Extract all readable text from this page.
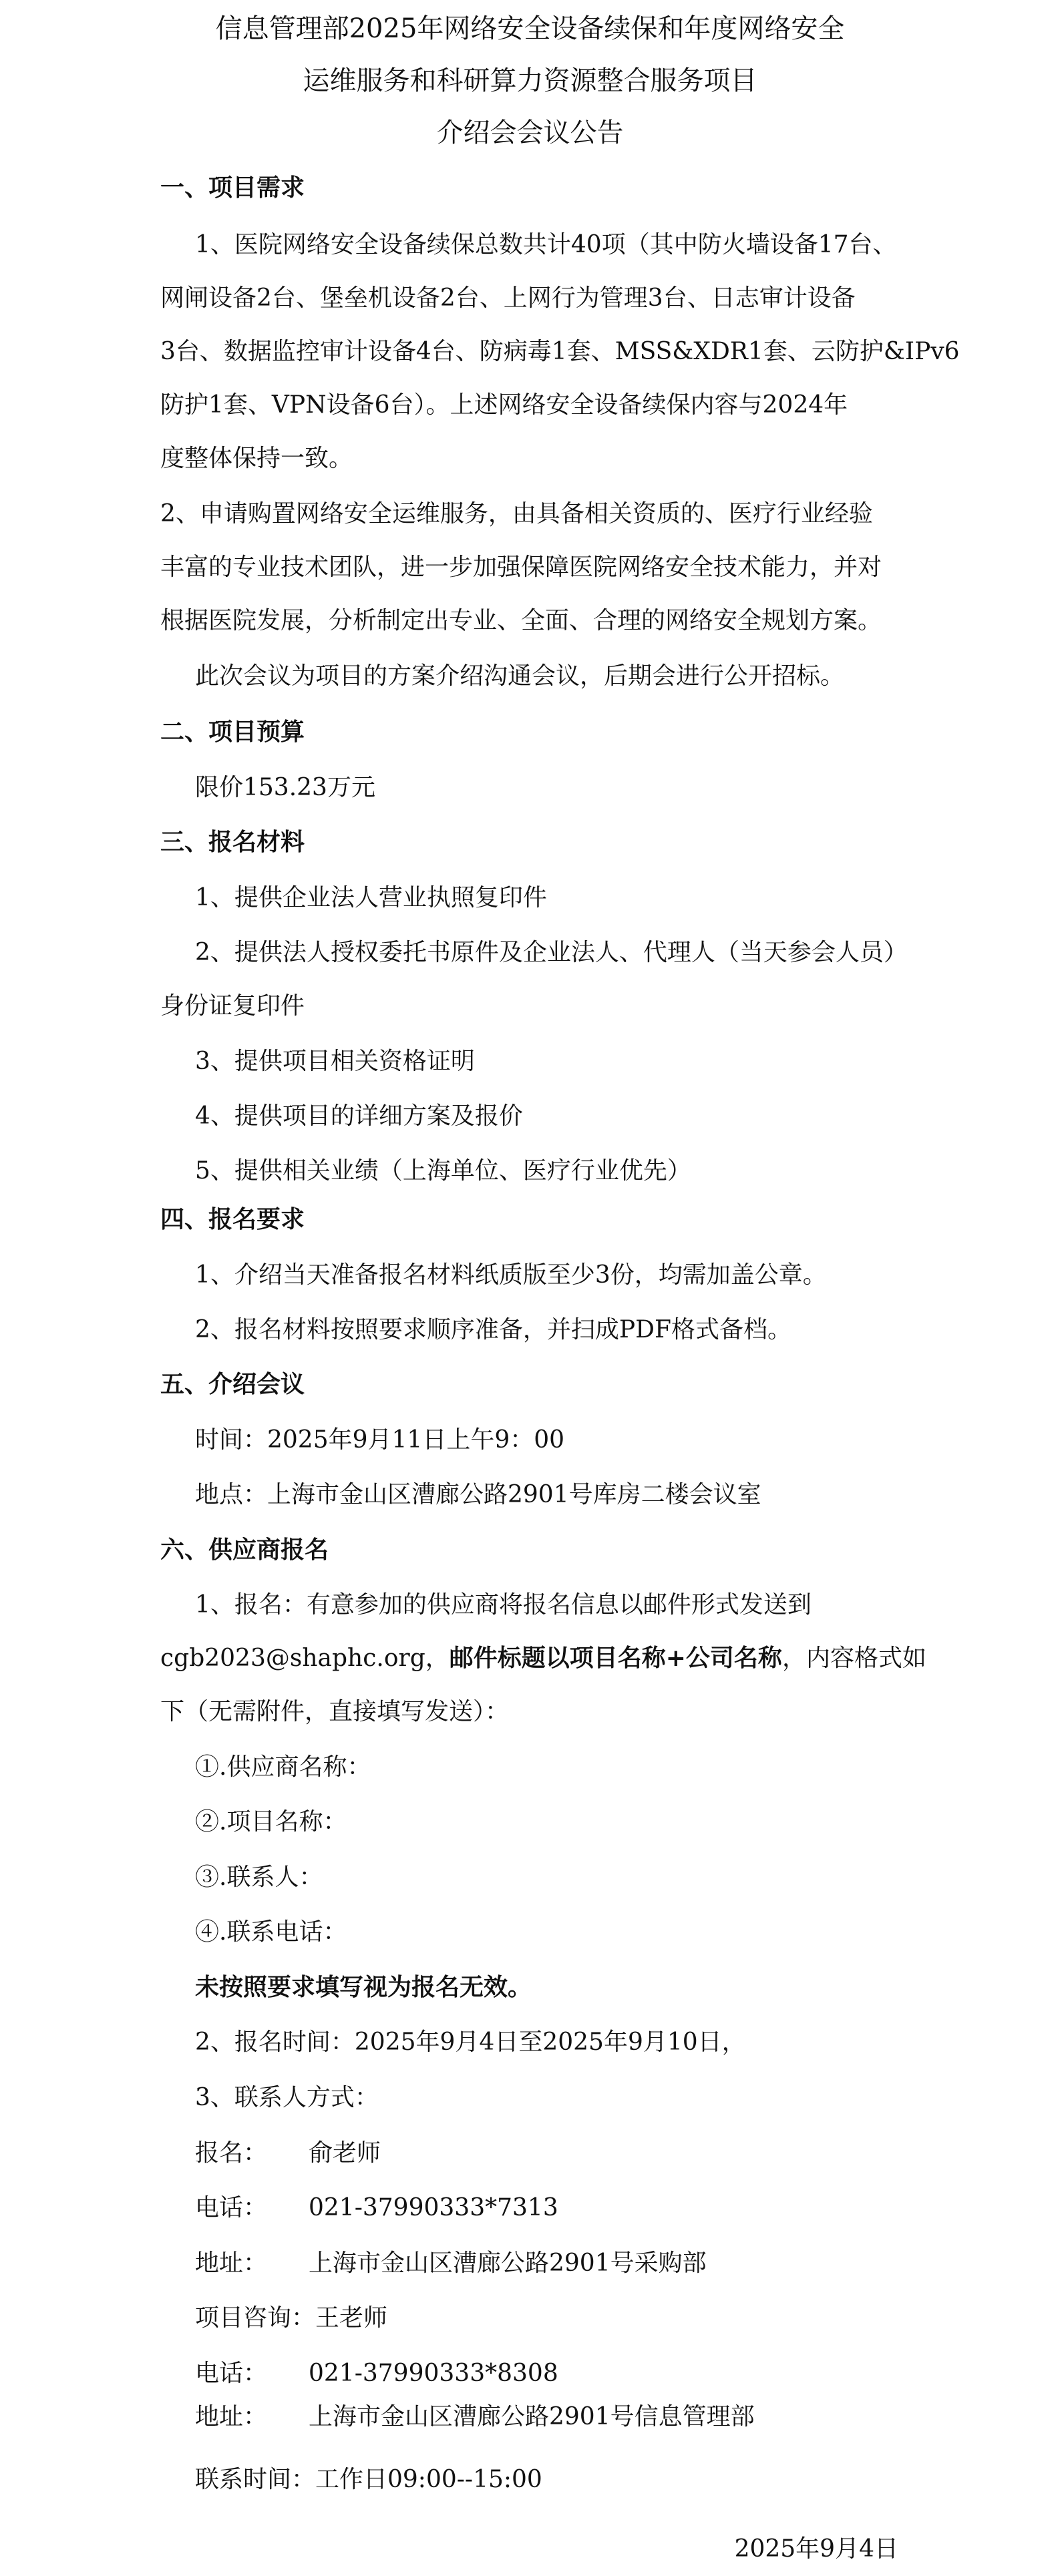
信息管理部2025年网络安全设备续保和年度网络安全
运维服务和科研算力资源整合服务项目
介绍会会议公告
一、项目需求
1、医院网络安全设备续保总数共计40项（其中防火墙设备17台、
网闸设备2台、堡垒机设备2台、上网行为管理3台、日志审计设备
3台、数据监控审计设备4台、防病毒1套、MSS&XDR1套、云防护&IPv6
防护1套、VPN设备6台）。上述网络安全设备续保内容与2024年
度整体保持一致。
2、申请购置网络安全运维服务，由具备相关资质的、医疗行业经验
丰富的专业技术团队，进一步加强保障医院网络安全技术能力，并对
根据医院发展，分析制定出专业、全面、合理的网络安全规划方案。
此次会议为项目的方案介绍沟通会议，后期会进行公开招标。
二、项目预算
限价153.23万元
三、报名材料
1、提供企业法人营业执照复印件
2、提供法人授权委托书原件及企业法人、代理人（当天参会人员）
身份证复印件
3、提供项目相关资格证明
4、提供项目的详细方案及报价
5、提供相关业绩（上海单位、医疗行业优先）
四、报名要求
1、介绍当天准备报名材料纸质版至少3份，均需加盖公章。
2、报名材料按照要求顺序准备，并扫成PDF格式备档。
五、介绍会议
时间：2025年9月11日上午9：00
地点：上海市金山区漕廊公路2901号库房二楼会议室
六、供应商报名
1、报名：有意参加的供应商将报名信息以邮件形式发送到
cgb2023@shaphc.org，邮件标题以项目名称+公司名称，内容格式如
下（无需附件，直接填写发送）：
①.供应商名称：
②.项目名称：
③.联系人：
④.联系电话：
未按照要求填写视为报名无效。
2、报名时间：2025年9月4日至2025年9月10日，
3、联系人方式：
报名： 俞老师
电话： 021-37990333*7313
地址： 上海市金山区漕廊公路2901号采购部
项目咨询：王老师
电话： 021-37990333*8308
地址： 上海市金山区漕廊公路2901号信息管理部
联系时间：工作日09:00--15:00
2025年9月4日
